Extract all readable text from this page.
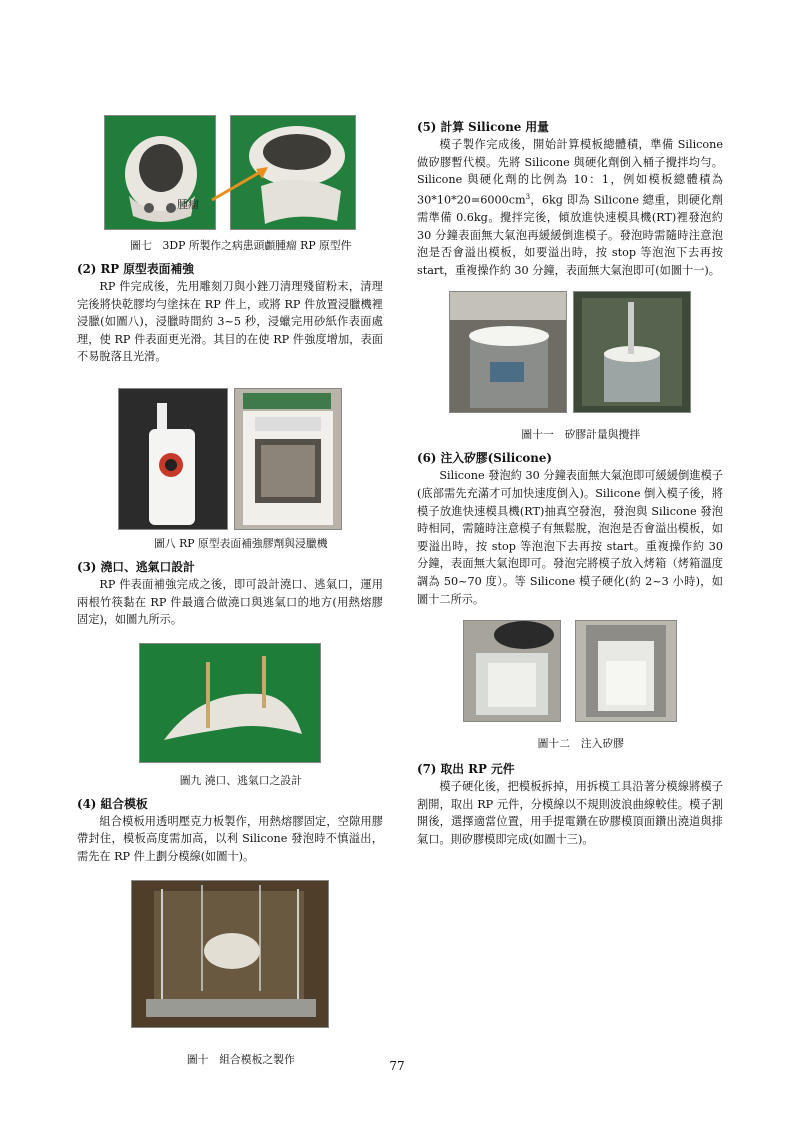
腫瘤

圖七　3DP 所製作之病患頭顱腫瘤 RP 原型件

(2) RP 原型表面補強

RP 件完成後，先用雕刻刀與小銼刀清理殘留粉末，清理完後將快乾膠均勻塗抹在 RP 件上，或將 RP 件放置浸臘機裡浸臘(如圖八)，浸臘時間約 3~5 秒，浸蠟完用砂紙作表面處理，使 RP 件表面更光滑。其目的在使 RP 件強度增加，表面不易脫落且光滑。

圖八 RP 原型表面補強膠劑與浸臘機

(3) 澆口、逃氣口設計

RP 件表面補強完成之後，即可設計澆口、逃氣口，運用兩根竹筷黏在 RP 件最適合做澆口與逃氣口的地方(用熱熔膠固定)，如圖九所示。

圖九 澆口、逃氣口之設計

(4) 組合模板

組合模板用透明壓克力板製作，用熱熔膠固定，空隙用膠帶封住，模板高度需加高，以利 Silicone 發泡時不慎溢出，需先在 RP 件上劃分模線(如圖十)。

圖十　組合模板之製作

(5) 計算 Silicone 用量

模子製作完成後，開始計算模板總體積，準備 Silicone 做矽膠暫代模。先將 Silicone 與硬化劑倒入桶子攪拌均勻。Silicone 與硬化劑的比例為 10：1，例如模板總體積為 $30*10*20=6000cm^3$，6kg 即為 Silicone 總重，則硬化劑需準備 0.6kg。攪拌完後，傾放進快速模具機(RT)裡發泡約 30 分鐘表面無大氣泡再緩緩倒進模子。發泡時需隨時注意泡泡是否會溢出模板，如要溢出時，按 stop 等泡泡下去再按 start，重複操作約 30 分鐘，表面無大氣泡即可(如圖十一)。

圖十一　矽膠計量與攪拌

(6) 注入矽膠(Silicone)

Silicone 發泡約 30 分鐘表面無大氣泡即可緩緩倒進模子(底部需先充滿才可加快速度倒入)。Silicone 倒入模子後，將模子放進快速模具機(RT)抽真空發泡，發泡與 Silicone 發泡時相同，需隨時注意模子有無鬆脫，泡泡是否會溢出模板，如要溢出時，按 stop 等泡泡下去再按 start。重複操作約 30 分鐘，表面無大氣泡即可。發泡完將模子放入烤箱（烤箱溫度調為 50~70 度）。等 Silicone 模子硬化(約 2~3 小時)，如圖十二所示。

圖十二　注入矽膠

(7) 取出 RP 元件

模子硬化後，把模板拆掉，用拆模工具沿著分模線將模子割開，取出 RP 元件，分模線以不規則波浪曲線較佳。模子割開後，選擇適當位置，用手提電鑽在矽膠模頂面鑽出澆道與排氣口。則矽膠模即完成(如圖十三)。

77
